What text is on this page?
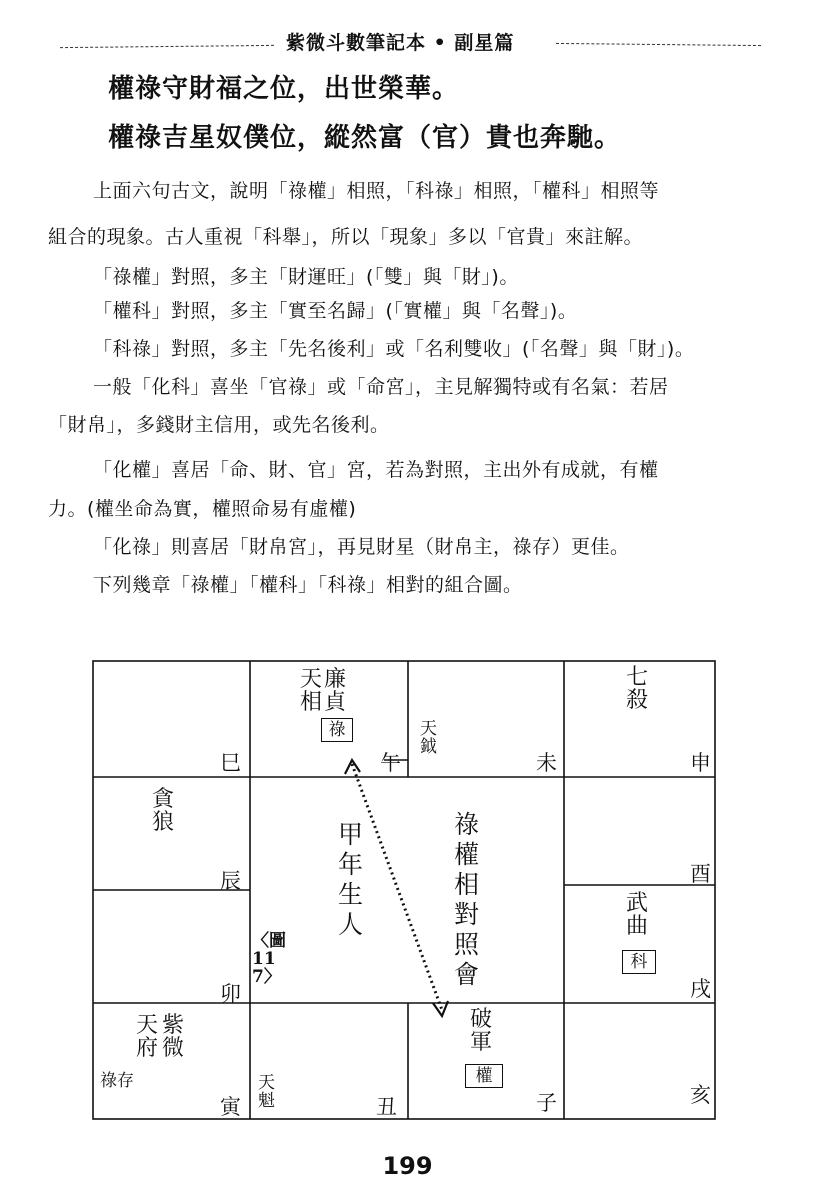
紫微斗數筆記本 • 副星篇
權祿守財福之位，出世榮華。
權祿吉星奴僕位，縱然富（官）貴也奔馳。
上面六句古文，說明「祿權」相照，「科祿」相照，「權科」相照等
組合的現象。古人重視「科舉」，所以「現象」多以「官貴」來註解。
「祿權」對照，多主「財運旺」(「雙」與「財」)。
「權科」對照，多主「實至名歸」(「實權」與「名聲」)。
「科祿」對照，多主「先名後利」或「名利雙收」(「名聲」與「財」)。
一般「化科」喜坐「官祿」或「命宮」，主見解獨特或有名氣：若居
「財帛」，多錢財主信用，或先名後利。
「化權」喜居「命、財、官」宮，若為對照，主出外有成就，有權
力。(權坐命為實，權照命易有虛權)
「化祿」則喜居「財帛宮」，再見財星（財帛主，祿存）更佳。
下列幾章「祿權」「權科」「科祿」相對的組合圖。
巳
天相
廉貞
祿
午
天鉞
未
七殺
申
貪狼
辰
卯
酉
武曲
科
戌
甲年生人
祿權相對照會
〈圖117〉
天府
紫微
祿存
寅
天魁	丑
破軍
權
子	亥
199
